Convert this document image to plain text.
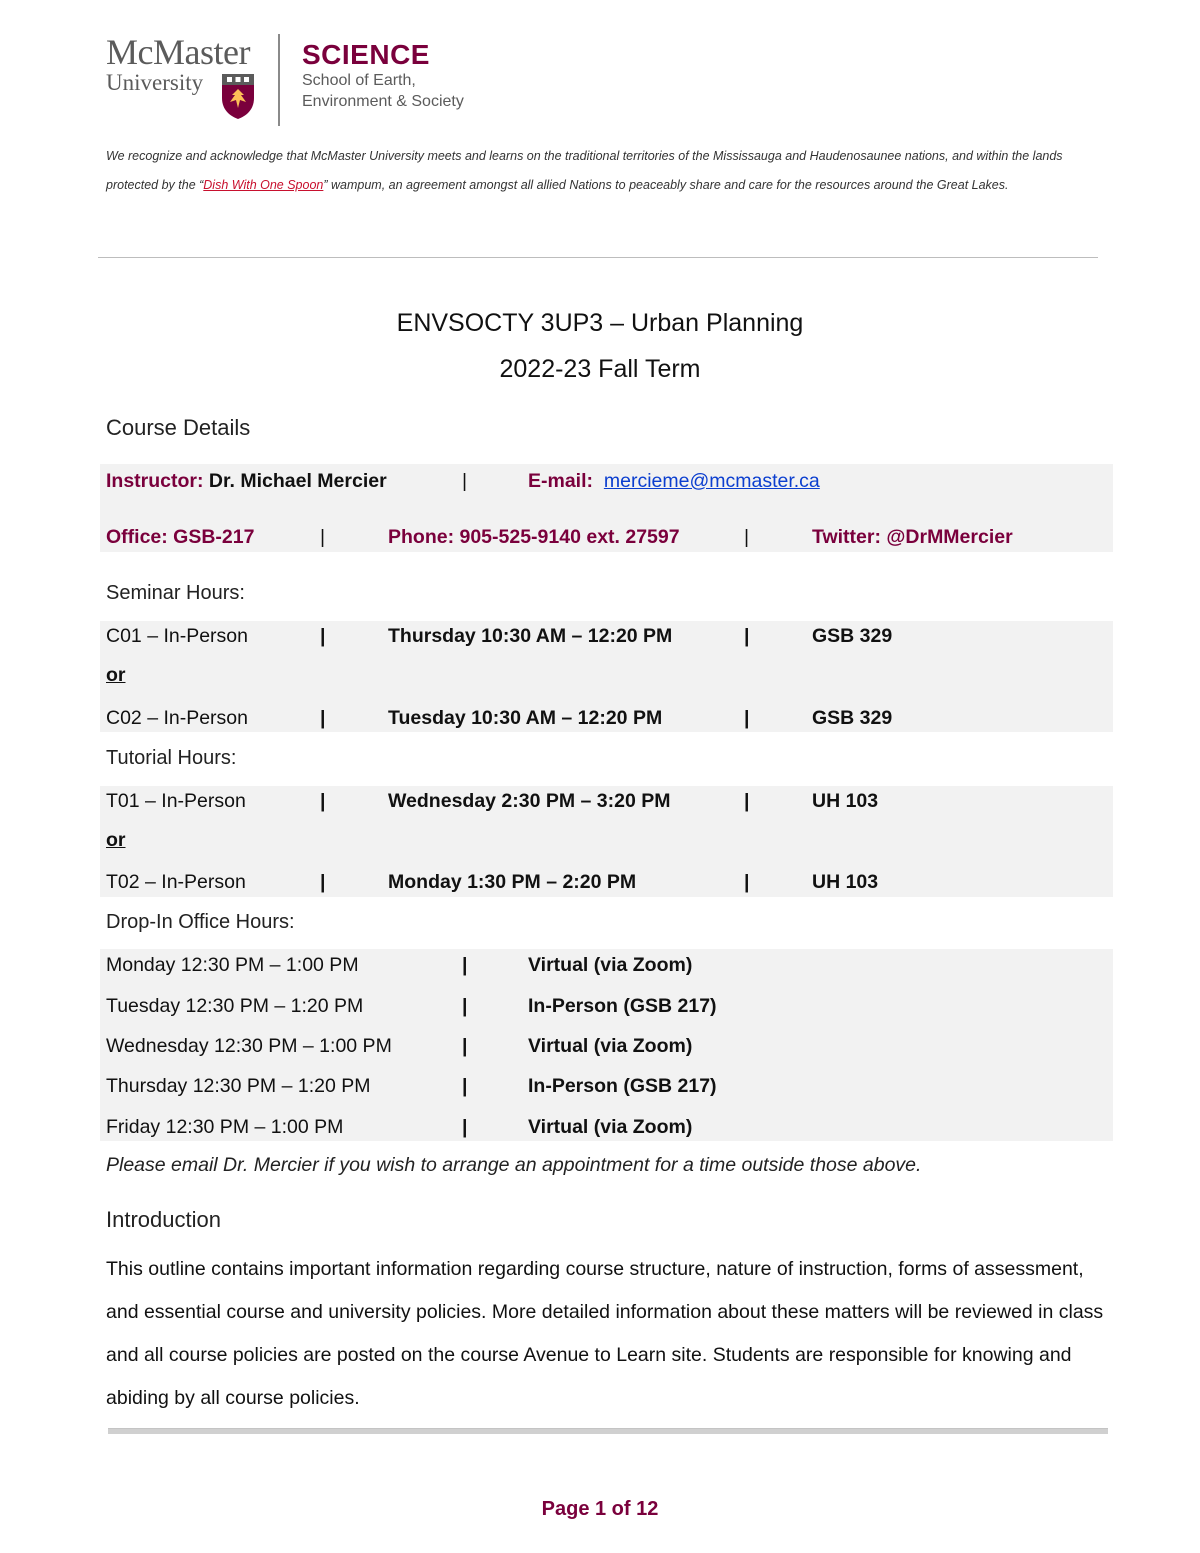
McMaster
University
SCIENCE
School of Earth,
Environment & Society

We recognize and acknowledge that McMaster University meets and learns on the traditional territories of the Mississauga and Haudenosaunee nations, and within the lands protected by the “Dish With One Spoon” wampum, an agreement amongst all allied Nations to peaceably share and care for the resources around the Great Lakes.

ENVSOCTY 3UP3 – Urban Planning
2022-23 Fall Term
Course Details
Instructor: Dr. Michael Mercier	|	E-mail: mercieme@mcmaster.ca
Office: GSB-217	|	Phone: 905-525-9140 ext. 27597	|	Twitter: @DrMMercier
Seminar Hours:
C01 – In-Person	|	Thursday 10:30 AM – 12:20 PM	|	GSB 329
or
C02 – In-Person	|	Tuesday 10:30 AM – 12:20 PM	|	GSB 329
Tutorial Hours:
T01 – In-Person	|	Wednesday 2:30 PM – 3:20 PM	|	UH 103
or
T02 – In-Person	|	Monday 1:30 PM – 2:20 PM	|	UH 103
Drop-In Office Hours:
Monday 12:30 PM – 1:00 PM	|	Virtual (via Zoom)
Tuesday 12:30 PM – 1:20 PM	|	In-Person (GSB 217)
Wednesday 12:30 PM – 1:00 PM	|	Virtual (via Zoom)
Thursday 12:30 PM – 1:20 PM	|	In-Person (GSB 217)
Friday 12:30 PM – 1:00 PM	|	Virtual (via Zoom)
Please email Dr. Mercier if you wish to arrange an appointment for a time outside those above.
Introduction

This outline contains important information regarding course structure, nature of instruction, forms of assessment, and essential course and university policies. More detailed information about these matters will be reviewed in class and all course policies are posted on the course Avenue to Learn site. Students are responsible for knowing and abiding by all course policies.

Page 1 of 12
